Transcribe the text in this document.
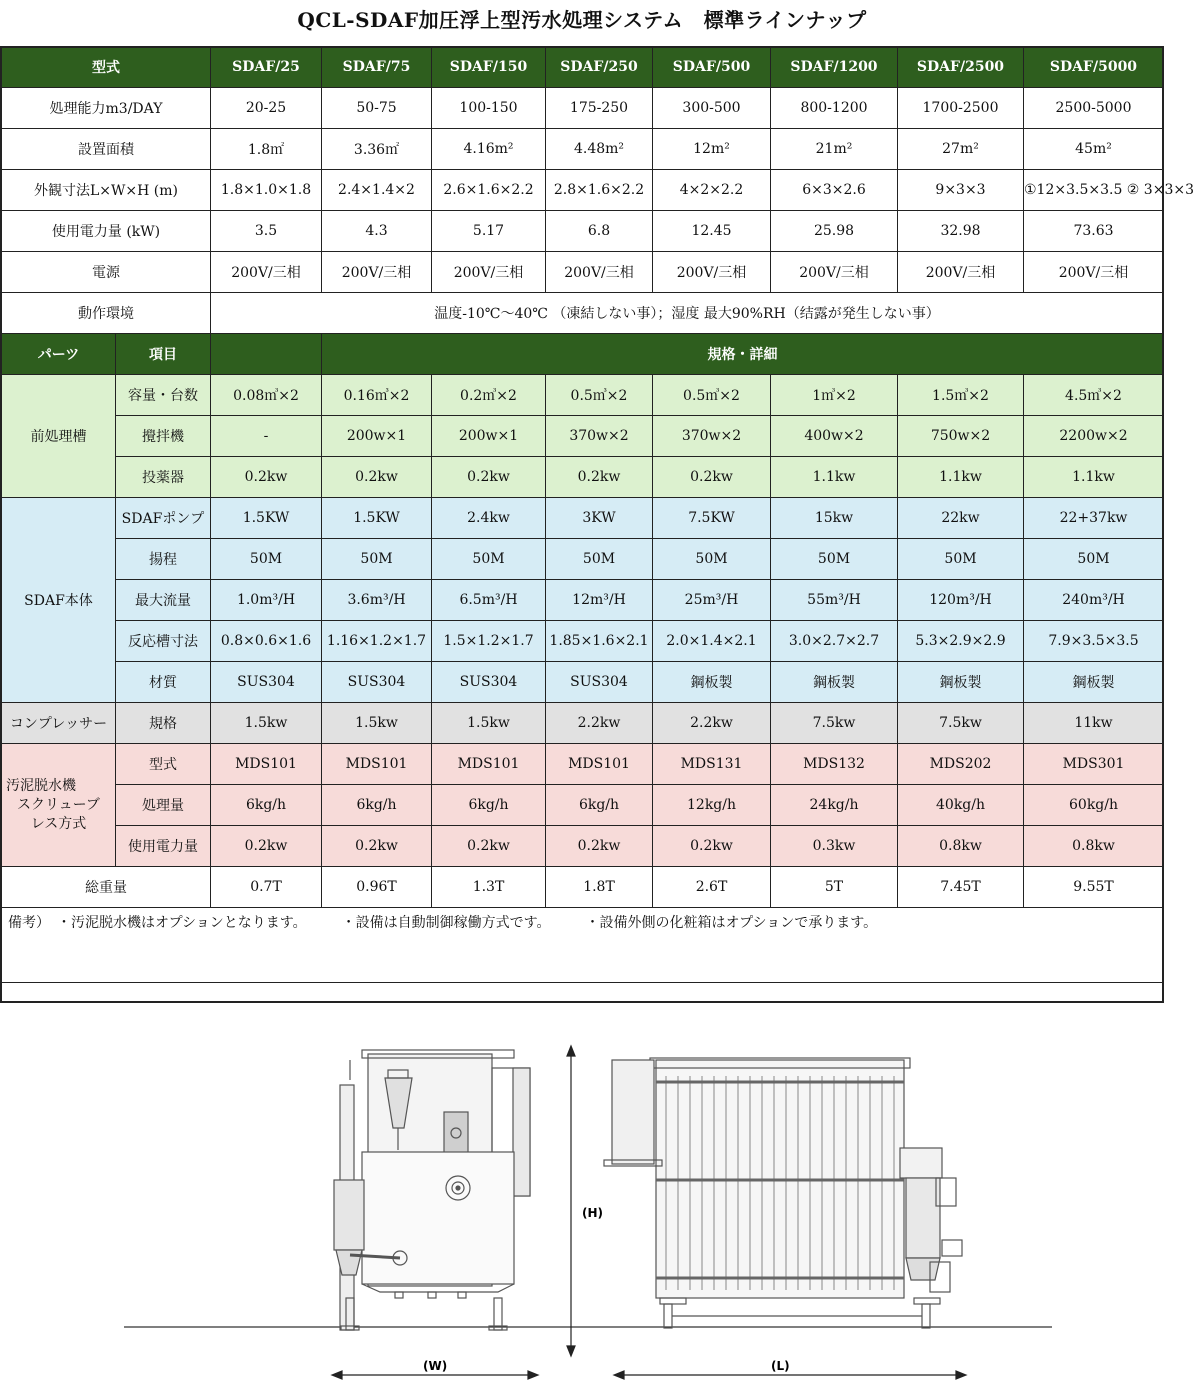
QCL-SDAF加圧浮上型汚水処理システム　標準ラインナップ
型式		SDAF/25	SDAF/75	SDAF/150	SDAF/250	SDAF/500	SDAF/1200	SDAF/2500	SDAF/5000
処理能力m3/DAY		20-25	50-75	100-150	175-250	300-500	800-1200	1700-2500	2500-5000
設置面積		1.8㎡	3.36㎡	4.16m²	4.48m²	12m²	21m²	27m²	45m²
外観寸法L×W×H (m)		1.8×1.0×1.8	2.4×1.4×2	2.6×1.6×2.2	2.8×1.6×2.2	4×2×2.2	6×3×2.6	9×3×3	①12×3.5×3.5 ② 3×3×3
使用電力量 (kW)		3.5	4.3	5.17	6.8	12.45	25.98	32.98	73.63
電源		200V/三相	200V/三相	200V/三相	200V/三相	200V/三相	200V/三相	200V/三相	200V/三相
動作環境		温度-10℃～40℃ （凍結しない事）；湿度 最大90%RH（结露が発生しない事）							
パーツ	項目		規格・詳細						
前処理槽	容量・台数	0.08㎥×2	0.16㎥×2	0.2㎥×2	0.5㎥×2	0.5㎥×2	1㎥×2	1.5㎥×2	4.5㎥×2
	攪拌機	-	200w×1	200w×1	370w×2	370w×2	400w×2	750w×2	2200w×2
	投薬器	0.2kw	0.2kw	0.2kw	0.2kw	0.2kw	1.1kw	1.1kw	1.1kw
SDAF本体	SDAFポンプ	1.5KW	1.5KW	2.4kw	3KW	7.5KW	15kw	22kw	22+37kw
	揚程	50M	50M	50M	50M	50M	50M	50M	50M
	最大流量	1.0m³/H	3.6m³/H	6.5m³/H	12m³/H	25m³/H	55m³/H	120m³/H	240m³/H
	反応槽寸法	0.8×0.6×1.6	1.16×1.2×1.7	1.5×1.2×1.7	1.85×1.6×2.1	2.0×1.4×2.1	3.0×2.7×2.7	5.3×2.9×2.9	7.9×3.5×3.5
	材質	SUS304	SUS304	SUS304	SUS304	鋼板製	鋼板製	鋼板製	鋼板製
コンプレッサー	規格	1.5kw	1.5kw	1.5kw	2.2kw	2.2kw	7.5kw	7.5kw	11kw

汚泥脱水機
スクリューブ
レス方式	型式	MDS101	MDS101	MDS101	MDS101	MDS131	MDS132	MDS202	MDS301
	処理量	6kg/h	6kg/h	6kg/h	6kg/h	12kg/h	24kg/h	40kg/h	60kg/h
	使用電力量	0.2kw	0.2kw	0.2kw	0.2kw	0.2kw	0.3kw	0.8kw	0.8kw
総重量		0.7T	0.96T	1.3T	1.8T	2.6T	5T	7.45T	9.55T
備考）　・汚泥脱水機はオプションとなります。　　　・設備は自動制御稼働方式です。　　　・設備外側の化粧箱はオプションで承ります。									
(H)
(W)	(L)
